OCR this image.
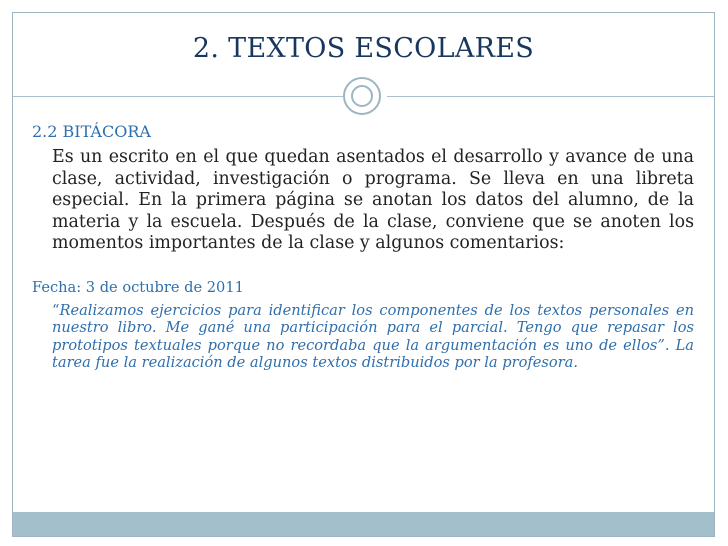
2. TEXTOS ESCOLARES

2.2 BITÁCORA

Es un escrito en el que quedan asentados el desarrollo y avance de una clase, actividad, investigación o programa. Se lleva en una libreta especial. En la primera página se anotan los datos del alumno, de la materia y la escuela. Después de la clase, conviene que se anoten los momentos importantes de la clase y algunos comentarios:

Fecha: 3 de octubre de 2011

“Realizamos ejercicios para identificar los componentes de los textos personales en nuestro libro. Me gané una participación para el parcial. Tengo que repasar los prototipos textuales porque no recordaba que la argumentación es uno de ellos”. La tarea fue la realización de algunos textos distribuidos por la profesora.
